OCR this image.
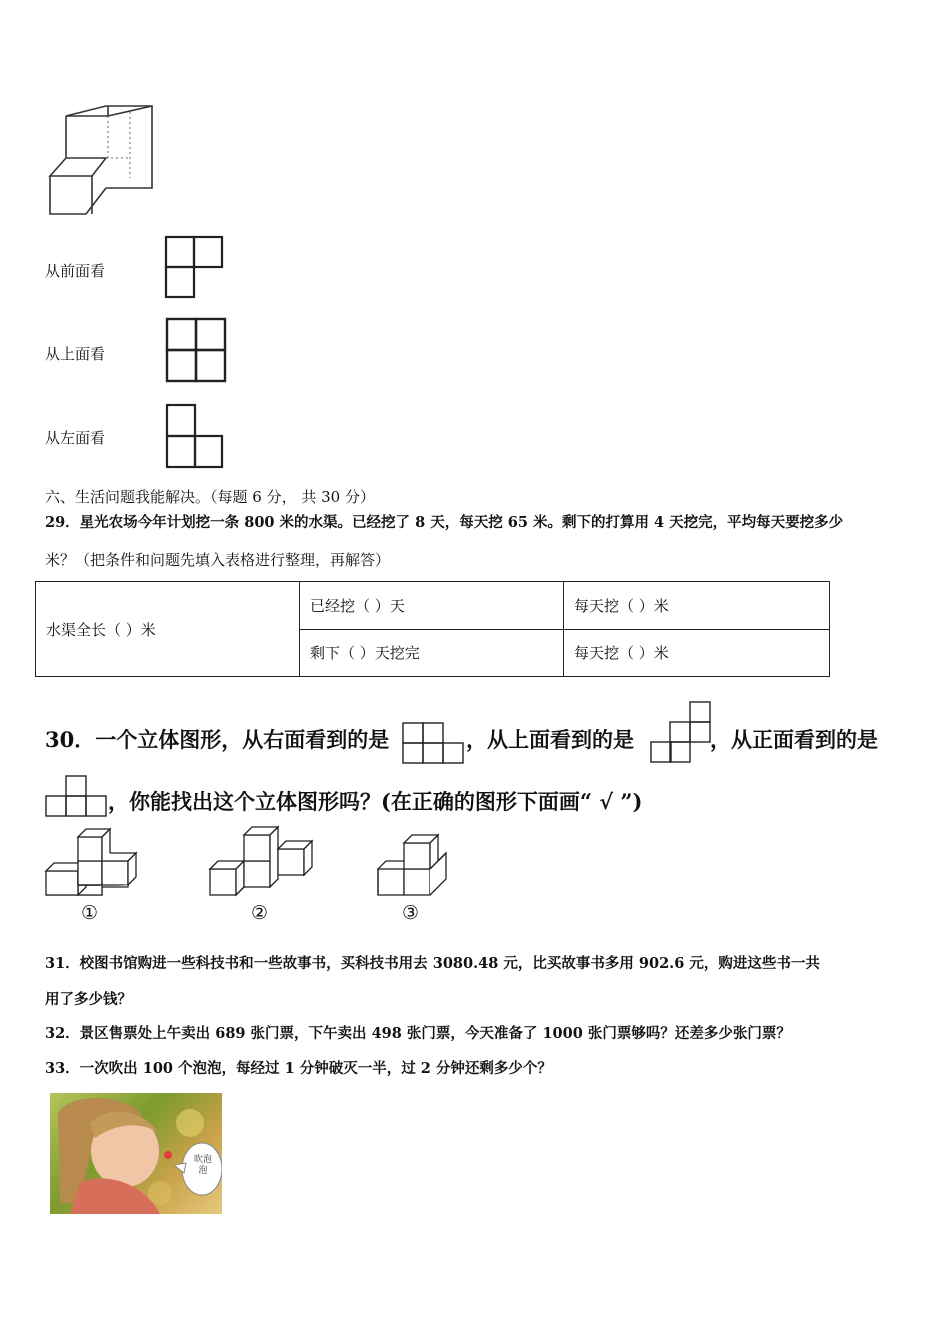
从前面看
从上面看
从左面看
六、生活问题我能解决。（每题 6 分， 共 30 分）
29．星光农场今年计划挖一条 800 米的水渠。已经挖了 8 天，每天挖 65 米。剩下的打算用 4 天挖完，平均每天要挖多少
米？（把条件和问题先填入表格进行整理，再解答）
水渠全长（ ）米	已经挖（ ）天	每天挖（ ）米
	剩下（ ）天挖完	每天挖（ ）米
30．一个立体图形，从右面看到的是	，从上面看到的是	，从正面看到的是
，你能找出这个立体图形吗？(在正确的图形下面画“ √ ”)
①	②	③
31．校图书馆购进一些科技书和一些故事书，买科技书用去 3080.48 元，比买故事书多用 902.6 元，购进这些书一共
用了多少钱？
32．景区售票处上午卖出 689 张门票，下午卖出 498 张门票，今天准备了 1000 张门票够吗？还差多少张门票？
33．一次吹出 100 个泡泡，每经过 1 分钟破灭一半，过 2 分钟还剩多少个？
吹泡泡
